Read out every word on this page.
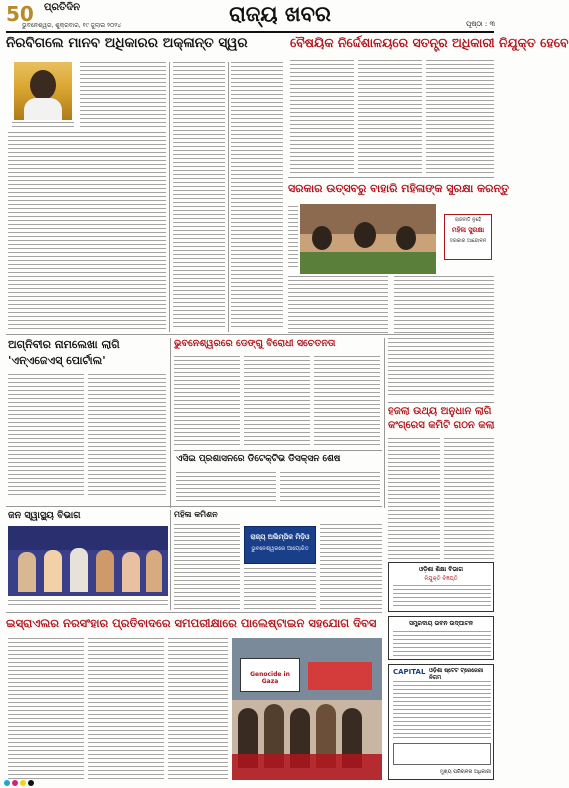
50 ପ୍ରତିଦିନ
ଭୁବନେଶ୍ୱର, ଶୁକ୍ରବାର, ୧୯ ଜୁଲାଇ ୨୦୨୪	ରାଜ୍ୟ ଖବର	ପୃଷ୍ଠା : ୩
ନିରବିଗଲେ ମାନବ ଅଧିକାରର ଅକ୍ଳାନ୍ତ ସ୍ୱର	ବୈଷୟିକ ନିର୍ଦ୍ଦେଶାଳୟରେ ସତନ୍ତ୍ର ଅଧିକାରୀ ନିଯୁକ୍ତ ହେବେ
ସରକାର ଉତ୍ସବରୁ ବାହାରି ମହିଳାଙ୍କ ସୁରକ୍ଷା କରନ୍ତୁ
ରାଜନୀତି ନୁହେଁ
ମହିଳା ସୁରକ୍ଷା
ଦରକାର ଆନ୍ଦୋଳନ
ଅଗ୍ନିବୀର ନାମଲେଖା ଲାଗି
'ଏନ୍‌ଏଜେଏସ୍‌ ପୋର୍ଟାଲ'
ଭୁବନେଶ୍ୱରରେ ଡେଙ୍ଗୁ ବିରୋଧୀ ସଚେତନତା
ଏସିଇ ପ୍ରଶାସନରେ ଡିଟେକ୍ଟିଭ ଡିସକ୍ସନ ଶେଷ
ହଜଲା ଉଥ୍ୟ ଅନୁଧାନ ଲାଗି
କଂଗ୍ରେସ କମିଟି ଗଠନ କଲା
ଜନ ସ୍ୱାସ୍ଥ୍ୟ ବିଭାଗ	ମହିଳା କମିଶନ
ରାଜ୍ୟ ଅଲିମ୍ପିକ ମିଡ଼ିଓ
ଭୁବନେଶ୍ୱରରେ ଆୟୋଜିତ
ଓଡ଼ିଶା ଶିକ୍ଷା ବିଭାଗ
ନିଯୁକ୍ତି ବିଜ୍ଞପ୍ତି
ସମ୍ପ୍ରଦାୟ ଭବନ ଉଦ୍‌ଘାଟନ
ଇସ୍ରାଏଲର ନରସଂହାର ପ୍ରତିବାଦରେ ସମପରୀକ୍ଷାରେ ପାଲେଷ୍ଟାଇନ ସହଯୋଗ ଦିବସ
Genocide in Gaza
CAPITAL ଓଡ଼ିଶା ଷ୍ଟେଟ ଟ୍ରେଜେରୀ ନିଗମ
ମୁଖ୍ୟ ପରିଚାଳନା ଅଧିକାରୀ
